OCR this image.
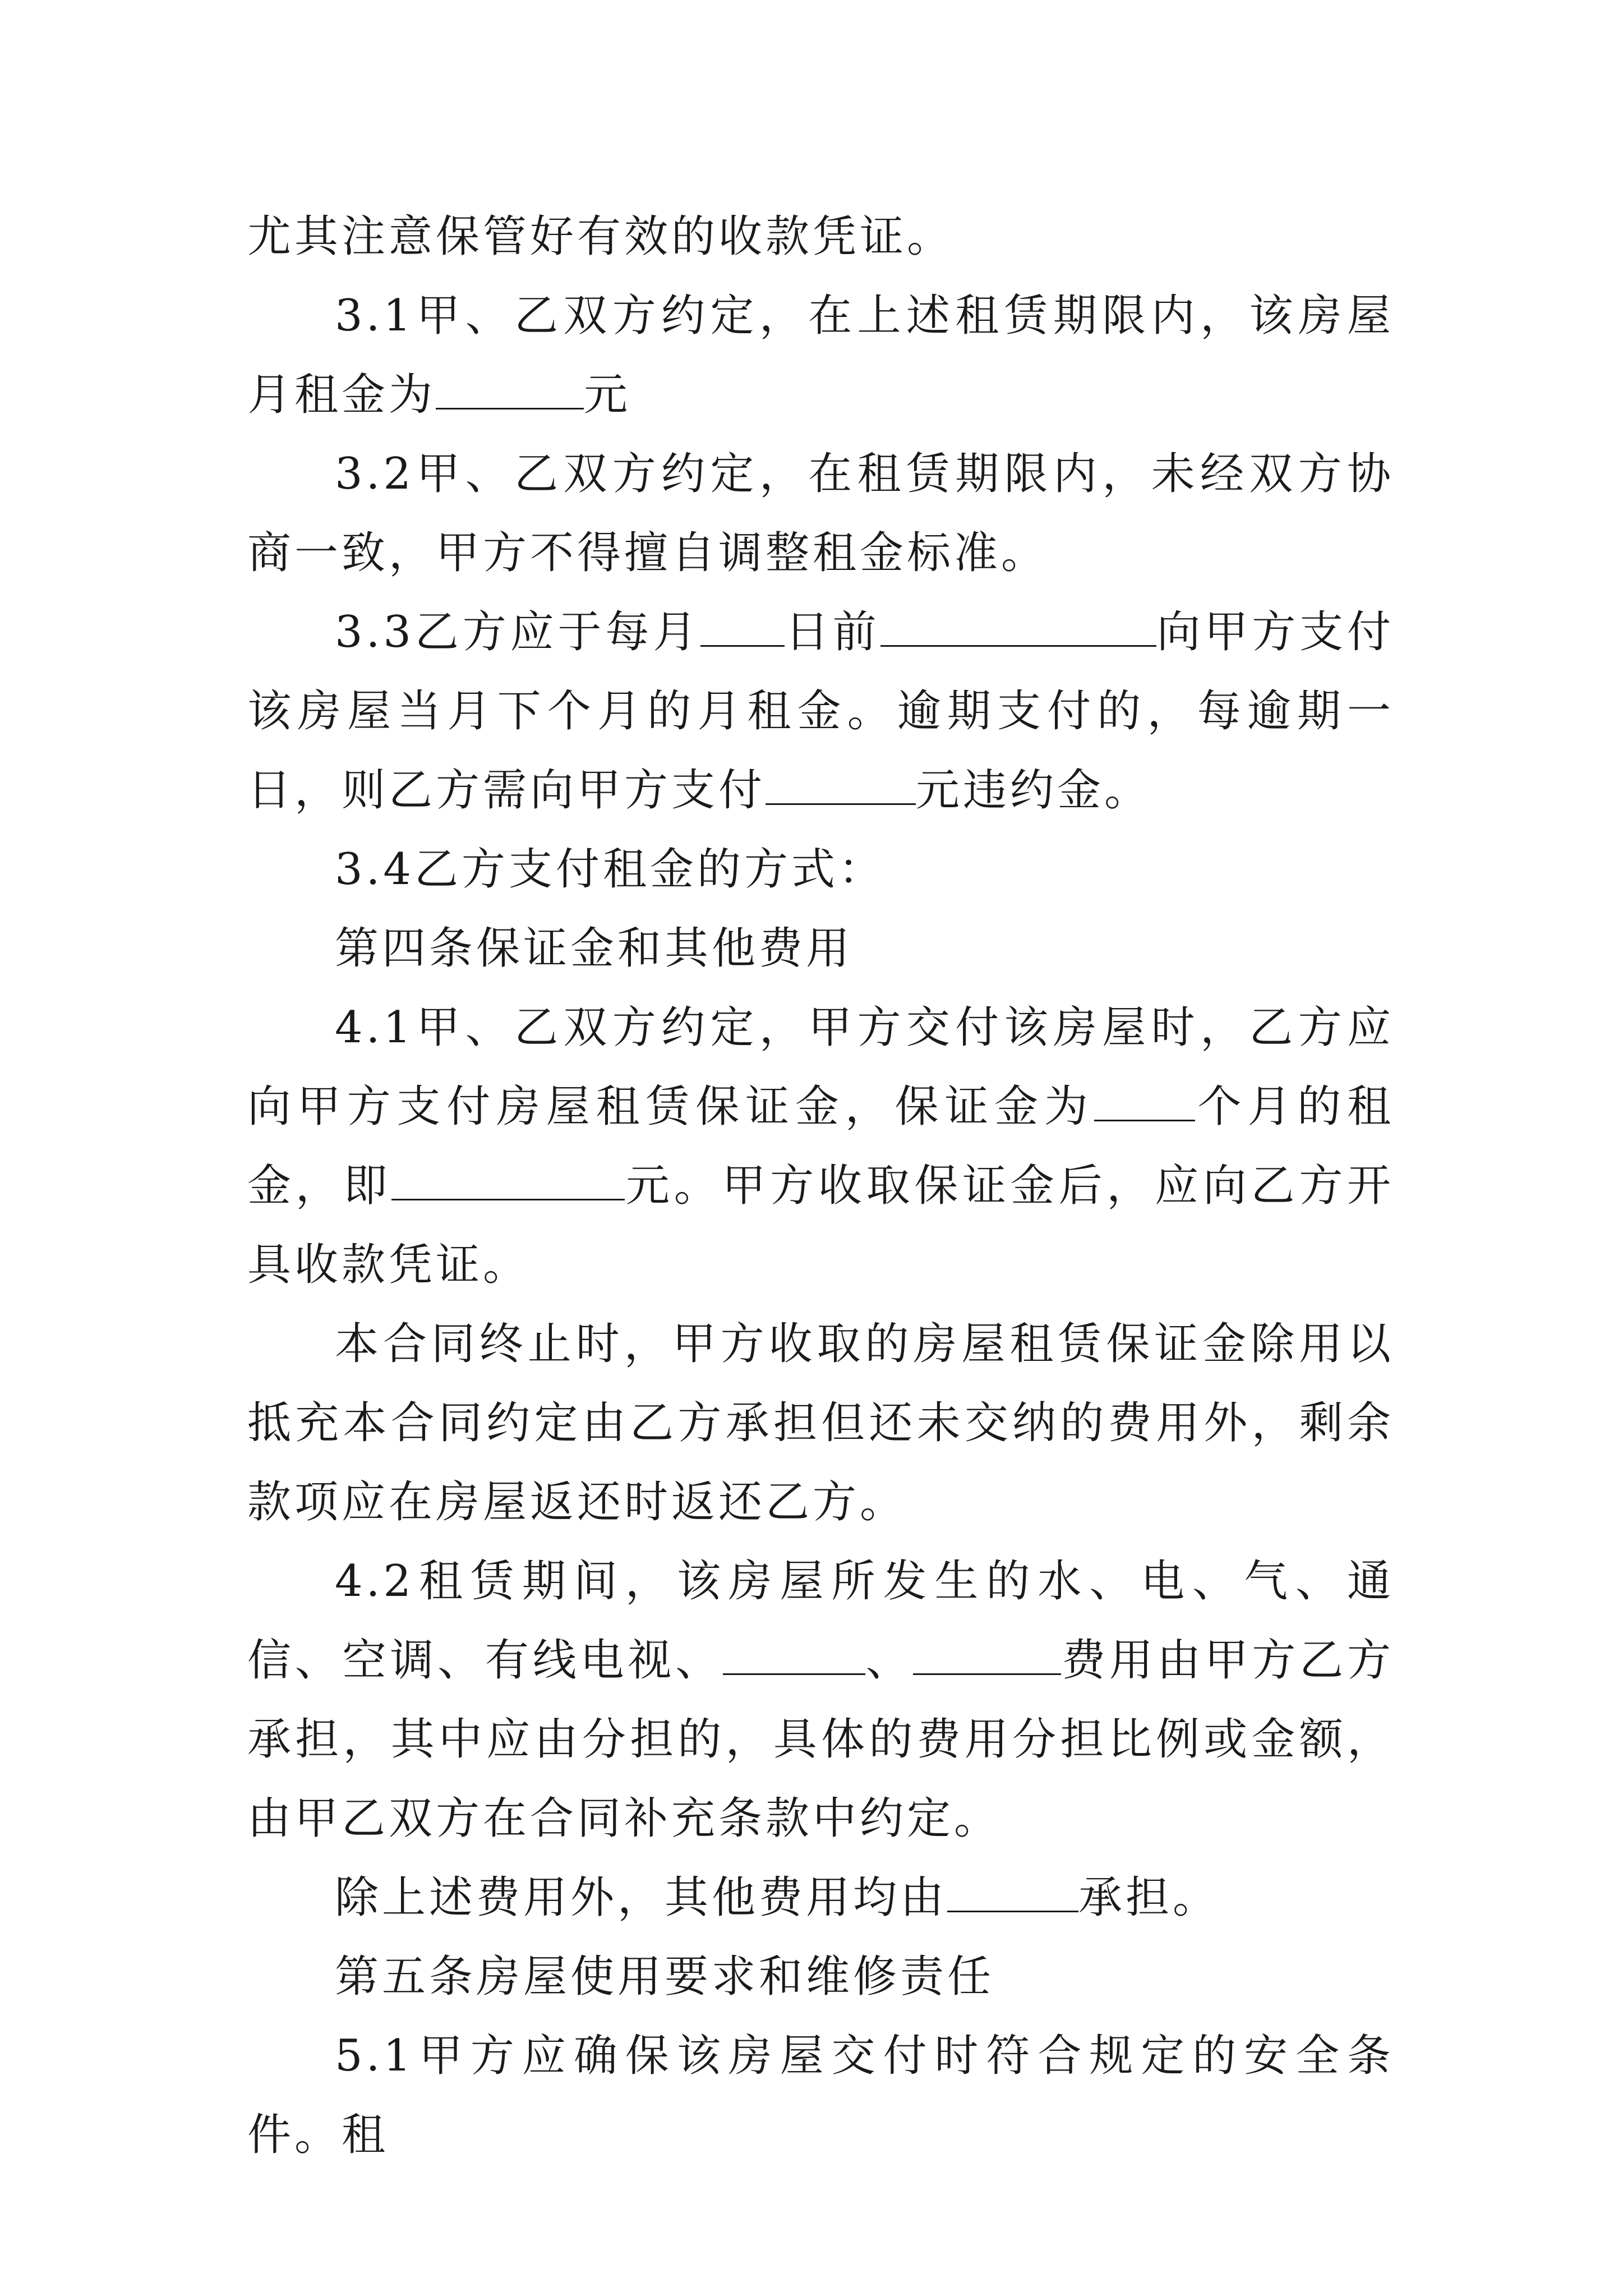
尤其注意保管好有效的收款凭证。

3.1甲、乙双方约定，在上述租赁期限内，该房屋月租金为	元

3.2甲、乙双方约定，在租赁期限内，未经双方协商一致，甲方不得擅自调整租金标准。

3.3乙方应于每月 日前	向甲方支付该房屋当月下个月的月租金。逾期支付的，每逾期一日，则乙方需向甲方支付	元违约金。

3.4乙方支付租金的方式：

第四条保证金和其他费用

4.1甲、乙双方约定，甲方交付该房屋时，乙方应向甲方支付房屋租赁保证金，保证金为 个月的租金，即	元。甲方收取保证金后，应向乙方开具收款凭证。

本合同终止时，甲方收取的房屋租赁保证金除用以抵充本合同约定由乙方承担但还未交纳的费用外，剩余款项应在房屋返还时返还乙方。

4.2租赁期间，该房屋所发生的水、电、气、通信、空调、有线电视、	、	费用由甲方乙方承担，其中应由分担的，具体的费用分担比例或金额，由甲乙双方在合同补充条款中约定。

除上述费用外，其他费用均由	承担。

第五条房屋使用要求和维修责任

5.1甲方应确保该房屋交付时符合规定的安全条件。租
